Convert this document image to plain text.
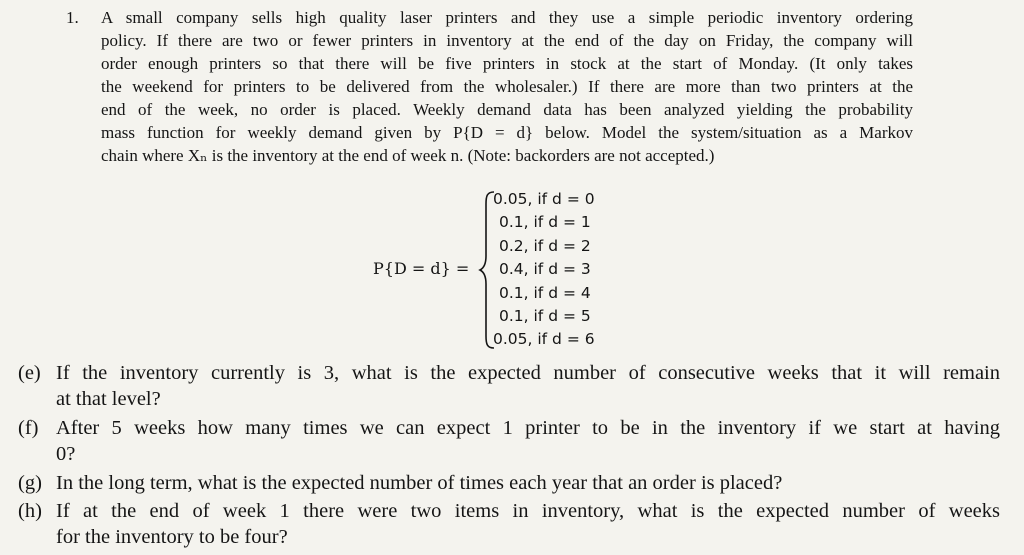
1. A small company sells high quality laser printers and they use a simple periodic inventory ordering
policy. If there are two or fewer printers in inventory at the end of the day on Friday, the company will
order enough printers so that there will be five printers in stock at the start of Monday. (It only takes
the weekend for printers to be delivered from the wholesaler.) If there are more than two printers at the
end of the week, no order is placed. Weekly demand data has been analyzed yielding the probability
mass function for weekly demand given by P{D = d} below. Model the system/situation as a Markov
chain where Xₙ is the inventory at the end of week n. (Note: backorders are not accepted.)
P{D = d} =
0.05, if d = 0
0.1, if d = 1
0.2, if d = 2
0.4, if d = 3
0.1, if d = 4
0.1, if d = 5
0.05, if d = 6
(e) If the inventory currently is 3, what is the expected number of consecutive weeks that it will remain
at that level?
(f) After 5 weeks how many times we can expect 1 printer to be in the inventory if we start at having
0?
(g) In the long term, what is the expected number of times each year that an order is placed?
(h) If at the end of week 1 there were two items in inventory, what is the expected number of weeks
for the inventory to be four?
